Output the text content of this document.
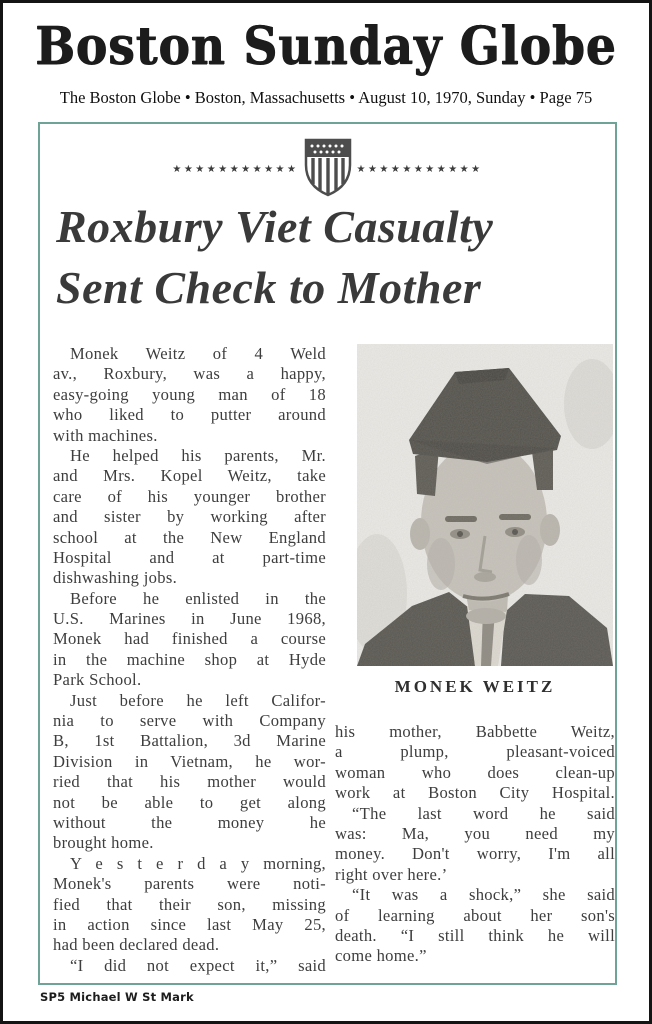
Boston Sunday Globe
The Boston Globe • Boston, Massachusetts • August 10, 1970, Sunday • Page 75
★★★★★★★★★★★	★★★★★★★★★★★
Roxbury Viet Casualty
Sent Check to Mother
Monek Weitz of 4 Weld
av., Roxbury, was a happy,
easy-going young man of 18
who liked to putter around
with machines.
He helped his parents, Mr.
and Mrs. Kopel Weitz, take
care of his younger brother
and sister by working after
school at the New England
Hospital and at part-time
dishwashing jobs.
Before he enlisted in the
U.S. Marines in June 1968,
Monek had finished a course
in the machine shop at Hyde
Park School.
Just before he left Califor-
nia to serve with Company
B, 1st Battalion, 3d Marine
Division in Vietnam, he wor-
ried that his mother would
not be able to get along
without the money he
brought home.
Y e s t e r d a y morning,
Monek's parents were noti-
fied that their son, missing
in action since last May 25,
had been declared dead.
“I did not expect it,” said
MONEK WEITZ
his mother, Babbette Weitz,
a plump, pleasant-voiced
woman who does clean-up
work at Boston City Hospital.
“The last word he said
was: Ma, you need my
money. Don't worry, I'm all
right over here.’
“It was a shock,” she said
of learning about her son's
death. “I still think he will
come home.”
SP5 Michael W St Mark
